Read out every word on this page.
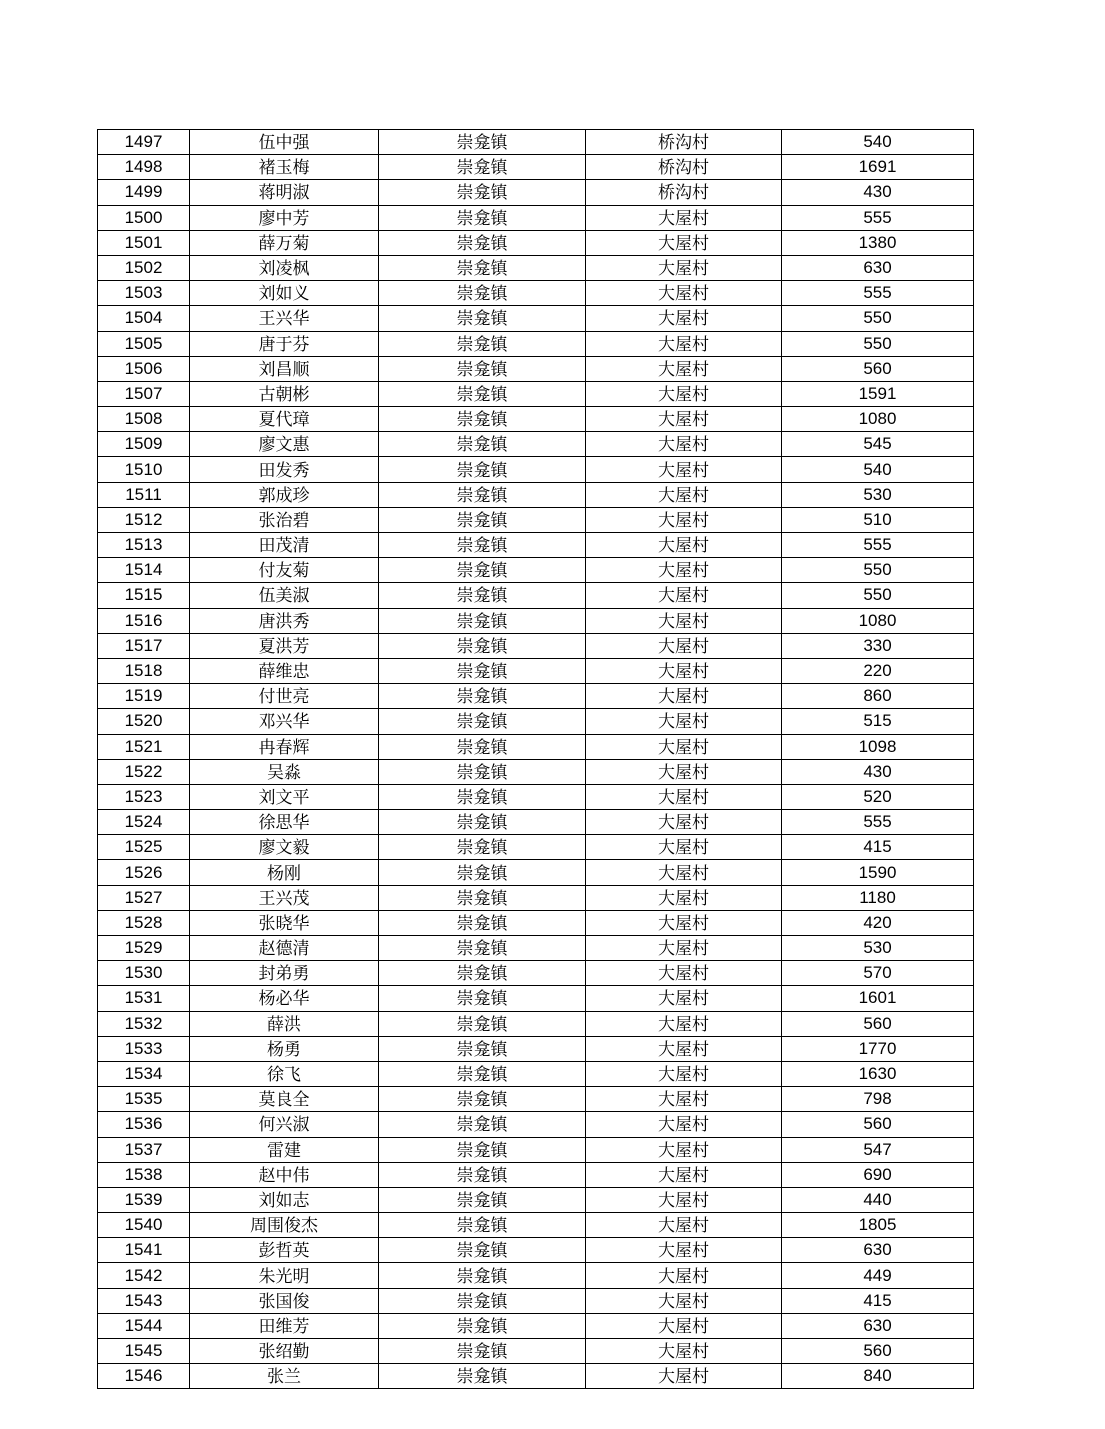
1497	伍中强	崇龛镇	桥沟村	540
1498	褚玉梅	崇龛镇	桥沟村	1691
1499	蒋明淑	崇龛镇	桥沟村	430
1500	廖中芳	崇龛镇	大屋村	555
1501	薛万菊	崇龛镇	大屋村	1380
1502	刘凌枫	崇龛镇	大屋村	630
1503	刘如义	崇龛镇	大屋村	555
1504	王兴华	崇龛镇	大屋村	550
1505	唐于芬	崇龛镇	大屋村	550
1506	刘昌顺	崇龛镇	大屋村	560
1507	古朝彬	崇龛镇	大屋村	1591
1508	夏代璋	崇龛镇	大屋村	1080
1509	廖文惠	崇龛镇	大屋村	545
1510	田发秀	崇龛镇	大屋村	540
1511	郭成珍	崇龛镇	大屋村	530
1512	张治碧	崇龛镇	大屋村	510
1513	田茂清	崇龛镇	大屋村	555
1514	付友菊	崇龛镇	大屋村	550
1515	伍美淑	崇龛镇	大屋村	550
1516	唐洪秀	崇龛镇	大屋村	1080
1517	夏洪芳	崇龛镇	大屋村	330
1518	薛维忠	崇龛镇	大屋村	220
1519	付世亮	崇龛镇	大屋村	860
1520	邓兴华	崇龛镇	大屋村	515
1521	冉春辉	崇龛镇	大屋村	1098
1522	吴淼	崇龛镇	大屋村	430
1523	刘文平	崇龛镇	大屋村	520
1524	徐思华	崇龛镇	大屋村	555
1525	廖文毅	崇龛镇	大屋村	415
1526	杨刚	崇龛镇	大屋村	1590
1527	王兴茂	崇龛镇	大屋村	1180
1528	张晓华	崇龛镇	大屋村	420
1529	赵德清	崇龛镇	大屋村	530
1530	封弟勇	崇龛镇	大屋村	570
1531	杨必华	崇龛镇	大屋村	1601
1532	薛洪	崇龛镇	大屋村	560
1533	杨勇	崇龛镇	大屋村	1770
1534	徐飞	崇龛镇	大屋村	1630
1535	莫良全	崇龛镇	大屋村	798
1536	何兴淑	崇龛镇	大屋村	560
1537	雷建	崇龛镇	大屋村	547
1538	赵中伟	崇龛镇	大屋村	690
1539	刘如志	崇龛镇	大屋村	440
1540	周围俊杰	崇龛镇	大屋村	1805
1541	彭哲英	崇龛镇	大屋村	630
1542	朱光明	崇龛镇	大屋村	449
1543	张国俊	崇龛镇	大屋村	415
1544	田维芳	崇龛镇	大屋村	630
1545	张绍勤	崇龛镇	大屋村	560
1546	张兰	崇龛镇	大屋村	840
